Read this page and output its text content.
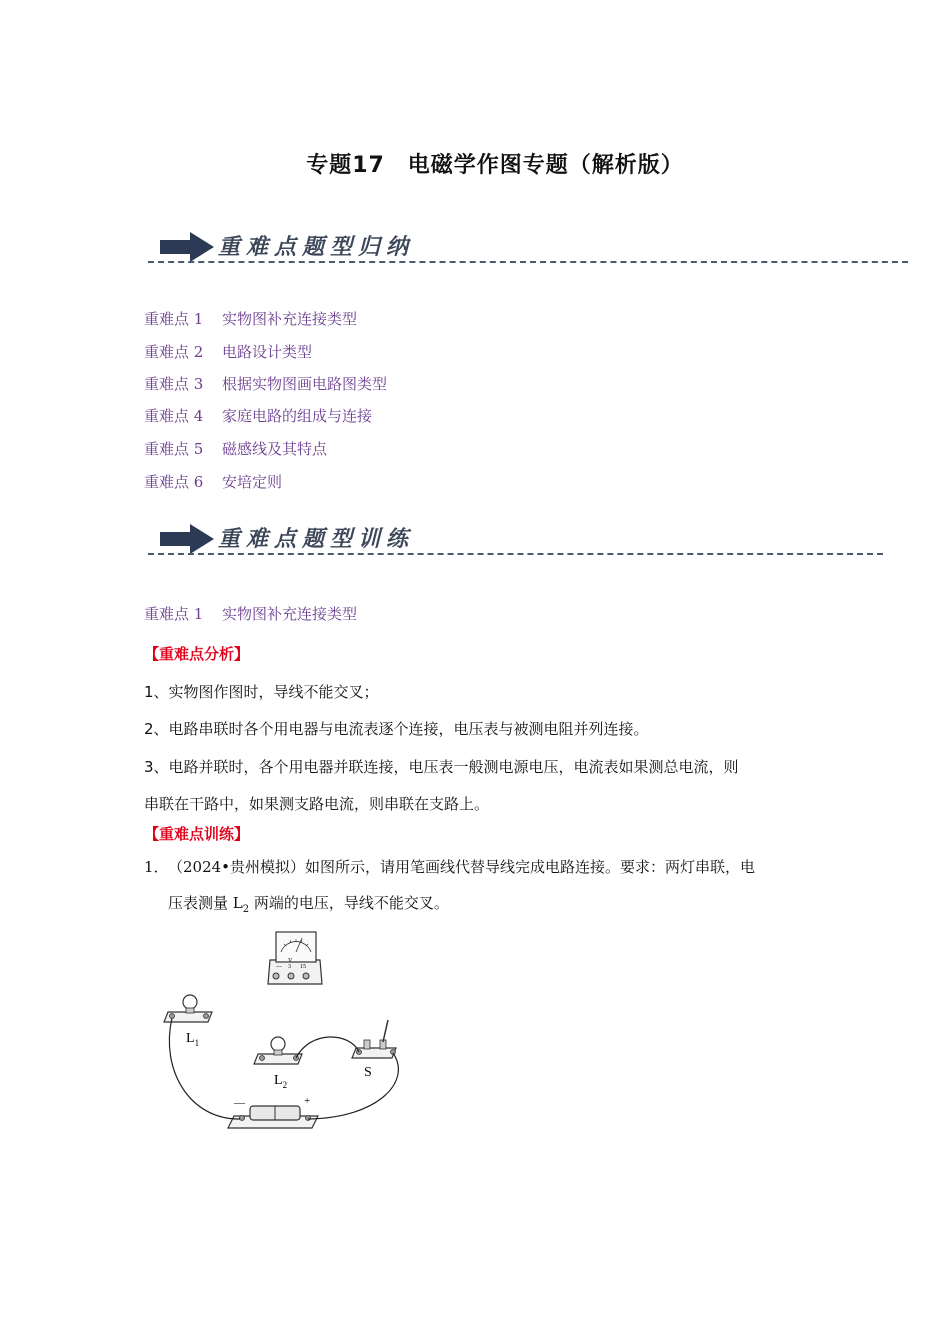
专题17　电磁学作图专题（解析版）
重难点题型归纳
重难点 1 实物图补充连接类型
重难点 2 电路设计类型
重难点 3 根据实物图画电路图类型
重难点 4 家庭电路的组成与连接
重难点 5 磁感线及其特点
重难点 6 安培定则
重难点题型训练
重难点 1 实物图补充连接类型
【重难点分析】
1、实物图作图时，导线不能交叉；
2、电路串联时各个用电器与电流表逐个连接，电压表与被测电阻并列连接。
3、电路并联时，各个用电器并联连接，电压表一般测电源电压，电流表如果测总电流，则
串联在干路中，如果测支路电流，则串联在支路上。
【重难点训练】
1． （2024•贵州模拟）如图所示，请用笔画线代替导线完成电路连接。要求：两灯串联，电
压表测量 $L_2$ 两端的电压，导线不能交叉。
V
— 3 15
$L_1$
$L_2$
S
—	+
